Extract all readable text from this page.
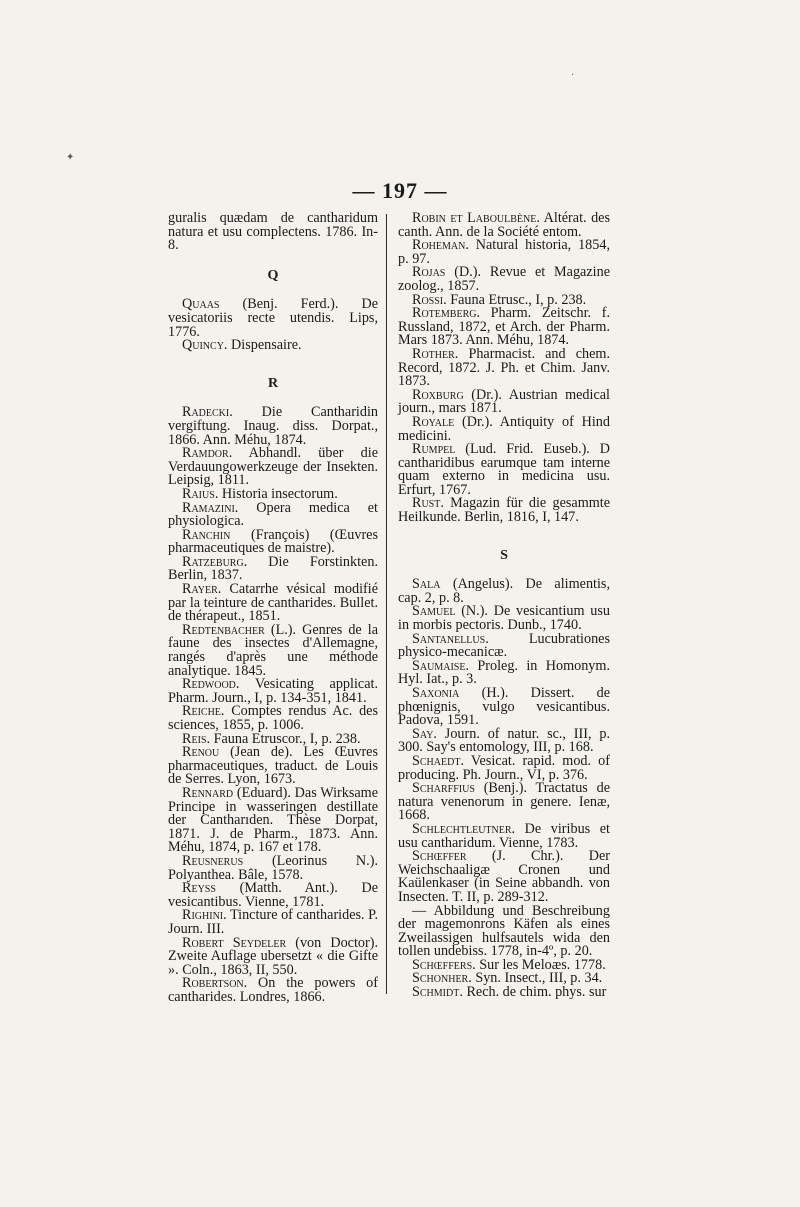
— 197 —
✦
·

guralis quædam de cantharidum natura et usu complectens. 1786. In-8.

Q

Quaas (Benj. Ferd.). De vesicatoriis recte utendis. Lips, 1776.

Quincy. Dispensaire.

R

Radecki. Die Cantharidin vergiftung. Inaug. diss. Dorpat., 1866. Ann. Méhu, 1874.

Ramdor. Abhandl. über die Verdauungowerkzeuge der Insekten. Leipsig, 1811.

Raius. Historia insectorum.

Ramazini. Opera medica et physiologica.

Ranchin (François) (Œuvres pharmaceutiques de maistre).

Ratzeburg. Die Forstinkten. Berlin, 1837.

Rayer. Catarrhe vésical modifié par la teinture de cantharides. Bullet. de thérapeut., 1851.

Redtenbacher (L.). Genres de la faune des insectes d'Allemagne, rangés d'après une méthode analytique. 1845.

Redwood. Vesicating applicat. Pharm. Journ., I, p. 134-351, 1841.

Reiche. Comptes rendus Ac. des sciences, 1855, p. 1006.

Reis. Fauna Etruscor., I, p. 238.

Renou (Jean de). Les Œuvres pharmaceutiques, traduct. de Louis de Serres. Lyon, 1673.

Rennard (Eduard). Das Wirksame Principe in wasseringen destillate der Cantharıden. Thèse Dorpat, 1871. J. de Pharm., 1873. Ann. Méhu, 1874, p. 167 et 178.

Reusnerus (Leorinus N.). Polyanthea. Bâle, 1578.

Reyss (Matth. Ant.). De vesicantibus. Vienne, 1781.

Righini. Tincture of cantharides. P. Journ. III.

Robert Seydeler (von Doctor). Zweite Auflage ubersetzt « die Gifte ». Coln., 1863, II, 550.

Robertson. On the powers of cantharides. Londres, 1866.

Robin et Laboulbène. Altérat. des canth. Ann. de la Société entom.

Roheman. Natural historia, 1854, p. 97.

Rojas (D.). Revue et Magazine zoolog., 1857.

Rossi. Fauna Etrusc., I, p. 238.

Rotemberg. Pharm. Zeitschr. f. Russland, 1872, et Arch. der Pharm. Mars 1873. Ann. Méhu, 1874.

Rother. Pharmacist. and chem. Record, 1872. J. Ph. et Chim. Janv. 1873.

Roxburg (Dr.). Austrian medical journ., mars 1871.

Royale (Dr.). Antiquity of Hind medicini.

Rumpel (Lud. Frid. Euseb.). D cantharidibus earumque tam interne quam externo in medicina usu. Erfurt, 1767.

Rust. Magazin für die gesammte Heilkunde. Berlin, 1816, I, 147.

S

Sala (Angelus). De alimentis, cap. 2, p. 8.

Samuel (N.). De vesicantium usu in morbis pectoris. Dunb., 1740.

Santanellus. Lucubrationes physico-mecanicæ.

Saumaise. Proleg. in Homonym. Hyl. Iat., p. 3.

Saxonia (H.). Dissert. de phœnignis, vulgo vesicantibus. Padova, 1591.

Say. Journ. of natur. sc., III, p. 300. Say's entomology, III, p. 168.

Schaedt. Vesicat. rapid. mod. of producing. Ph. Journ., VI, p. 376.

Scharffius (Benj.). Tractatus de natura venenorum in genere. Ienæ, 1668.

Schlechtleutner. De viribus et usu cantharidum. Vienne, 1783.

Schœffer (J. Chr.). Der Weichschaaligæ Cronen und Kaülenkaser (in Seine abbandh. von Insecten. T. II, p. 289-312.

— Abbildung und Beschreibung der magemonrons Käfen als eines Zweilassigen hulfsautels wida den tollen undebiss. 1778, in-4º, p. 20.

Schœffers. Sur les Meloæs. 1778.

Schonher. Syn. Insect., III, p. 34.

Schmidt. Rech. de chim. phys. sur
